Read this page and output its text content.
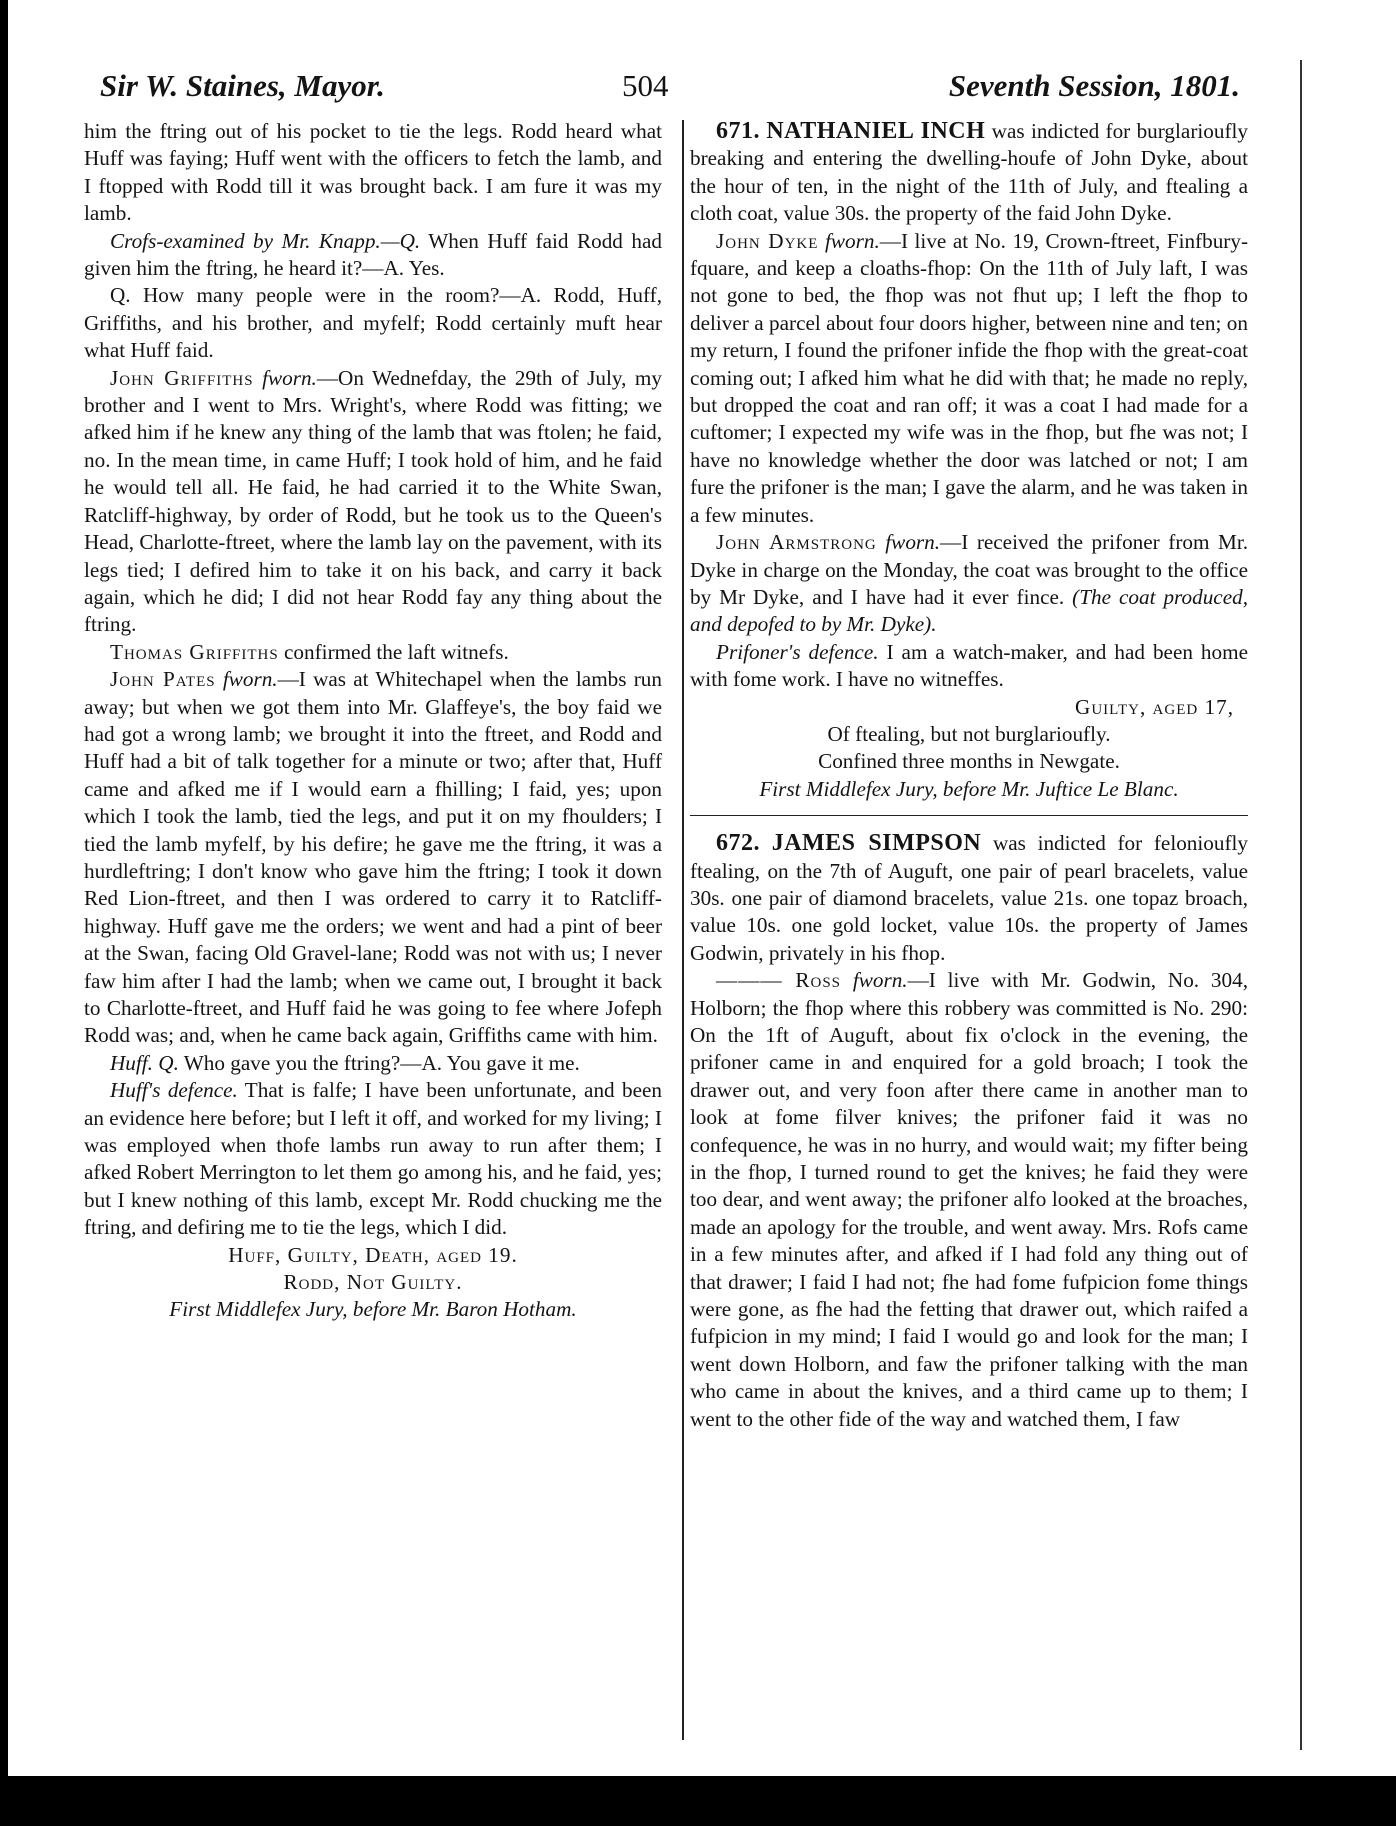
Sir W. Staines, Mayor.	504	Seventh Session, 1801.

him the ftring out of his pocket to tie the legs. Rodd heard what Huff was faying; Huff went with the officers to fetch the lamb, and I ftopped with Rodd till it was brought back. I am fure it was my lamb.

Crofs-examined by Mr. Knapp.—Q. When Huff faid Rodd had given him the ftring, he heard it?—A. Yes.

Q. How many people were in the room?—A. Rodd, Huff, Griffiths, and his brother, and myfelf; Rodd certainly muft hear what Huff faid.

John Griffiths fworn.—On Wednefday, the 29th of July, my brother and I went to Mrs. Wright's, where Rodd was fitting; we afked him if he knew any thing of the lamb that was ftolen; he faid, no. In the mean time, in came Huff; I took hold of him, and he faid he would tell all. He faid, he had carried it to the White Swan, Ratcliff-highway, by order of Rodd, but he took us to the Queen's Head, Charlotte-ftreet, where the lamb lay on the pavement, with its legs tied; I defired him to take it on his back, and carry it back again, which he did; I did not hear Rodd fay any thing about the ftring.

Thomas Griffiths confirmed the laft witnefs.

John Pates fworn.—I was at Whitechapel when the lambs run away; but when we got them into Mr. Glaffeye's, the boy faid we had got a wrong lamb; we brought it into the ftreet, and Rodd and Huff had a bit of talk together for a minute or two; after that, Huff came and afked me if I would earn a fhilling; I faid, yes; upon which I took the lamb, tied the legs, and put it on my fhoulders; I tied the lamb myfelf, by his defire; he gave me the ftring, it was a hurdleftring; I don't know who gave him the ftring; I took it down Red Lion-ftreet, and then I was ordered to carry it to Ratcliff-highway. Huff gave me the orders; we went and had a pint of beer at the Swan, facing Old Gravel-lane; Rodd was not with us; I never faw him after I had the lamb; when we came out, I brought it back to Charlotte-ftreet, and Huff faid he was going to fee where Jofeph Rodd was; and, when he came back again, Griffiths came with him.

Huff. Q. Who gave you the ftring?—A. You gave it me.

Huff's defence. That is falfe; I have been unfortunate, and been an evidence here before; but I left it off, and worked for my living; I was employed when thofe lambs run away to run after them; I afked Robert Merrington to let them go among his, and he faid, yes; but I knew nothing of this lamb, except Mr. Rodd chucking me the ftring, and defiring me to tie the legs, which I did.

Huff, Guilty, Death, aged 19.

Rodd, Not Guilty.

First Middlefex Jury, before Mr. Baron Hotham.

671. NATHANIEL INCH was indicted for burglarioufly breaking and entering the dwelling-houfe of John Dyke, about the hour of ten, in the night of the 11th of July, and ftealing a cloth coat, value 30s. the property of the faid John Dyke.

John Dyke fworn.—I live at No. 19, Crown-ftreet, Finfbury-fquare, and keep a cloaths-fhop: On the 11th of July laft, I was not gone to bed, the fhop was not fhut up; I left the fhop to deliver a parcel about four doors higher, between nine and ten; on my return, I found the prifoner infide the fhop with the great-coat coming out; I afked him what he did with that; he made no reply, but dropped the coat and ran off; it was a coat I had made for a cuftomer; I expected my wife was in the fhop, but fhe was not; I have no knowledge whether the door was latched or not; I am fure the prifoner is the man; I gave the alarm, and he was taken in a few minutes.

John Armstrong fworn.—I received the prifoner from Mr. Dyke in charge on the Monday, the coat was brought to the office by Mr Dyke, and I have had it ever fince. (The coat produced, and depofed to by Mr. Dyke).

Prifoner's defence. I am a watch-maker, and had been home with fome work. I have no witneffes.

Guilty, aged 17,

Of ftealing, but not burglarioufly.

Confined three months in Newgate.

First Middlefex Jury, before Mr. Juftice Le Blanc.

672. JAMES SIMPSON was indicted for felonioufly ftealing, on the 7th of Auguft, one pair of pearl bracelets, value 30s. one pair of diamond bracelets, value 21s. one topaz broach, value 10s. one gold locket, value 10s. the property of James Godwin, privately in his fhop.

——— Ross fworn.—I live with Mr. Godwin, No. 304, Holborn; the fhop where this robbery was committed is No. 290: On the 1ft of Auguft, about fix o'clock in the evening, the prifoner came in and enquired for a gold broach; I took the drawer out, and very foon after there came in another man to look at fome filver knives; the prifoner faid it was no confequence, he was in no hurry, and would wait; my fifter being in the fhop, I turned round to get the knives; he faid they were too dear, and went away; the prifoner alfo looked at the broaches, made an apology for the trouble, and went away. Mrs. Rofs came in a few minutes after, and afked if I had fold any thing out of that drawer; I faid I had not; fhe had fome fufpicion fome things were gone, as fhe had the fetting that drawer out, which raifed a fufpicion in my mind; I faid I would go and look for the man; I went down Holborn, and faw the prifoner talking with the man who came in about the knives, and a third came up to them; I went to the other fide of the way and watched them, I faw
